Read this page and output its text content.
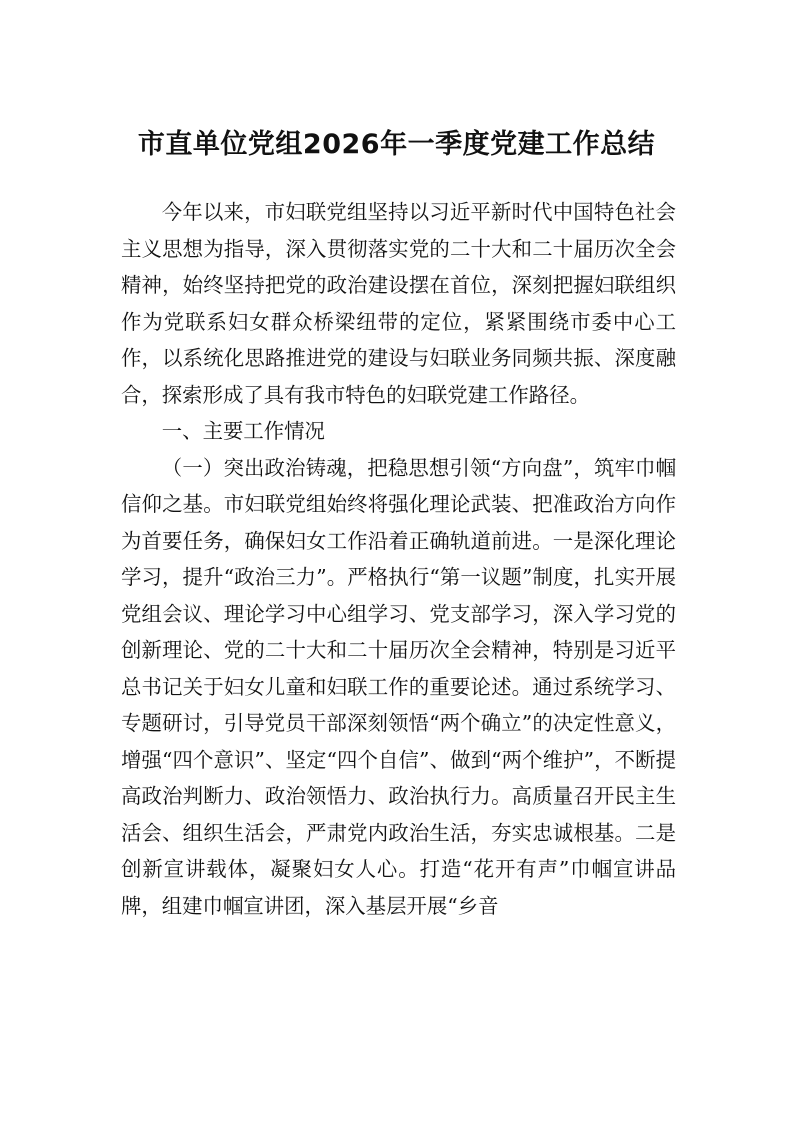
市直单位党组2026年一季度党建工作总结

今年以来，市妇联党组坚持以习近平新时代中国特色社会主义思想为指导，深入贯彻落实党的二十大和二十届历次全会精神，始终坚持把党的政治建设摆在首位，深刻把握妇联组织作为党联系妇女群众桥梁纽带的定位，紧紧围绕市委中心工作，以系统化思路推进党的建设与妇联业务同频共振、深度融合，探索形成了具有我市特色的妇联党建工作路径。

一、主要工作情况

（一）突出政治铸魂，把稳思想引领“方向盘”，筑牢巾帼信仰之基。市妇联党组始终将强化理论武装、把准政治方向作为首要任务，确保妇女工作沿着正确轨道前进。一是深化理论学习，提升“政治三力”。严格执行“第一议题”制度，扎实开展党组会议、理论学习中心组学习、党支部学习，深入学习党的创新理论、党的二十大和二十届历次全会精神，特别是习近平总书记关于妇女儿童和妇联工作的重要论述。通过系统学习、专题研讨，引导党员干部深刻领悟“两个确立”的决定性意义，增强“四个意识”、坚定“四个自信”、做到“两个维护”，不断提高政治判断力、政治领悟力、政治执行力。高质量召开民主生活会、组织生活会，严肃党内政治生活，夯实忠诚根基。二是创新宣讲载体，凝聚妇女人心。打造“花开有声”巾帼宣讲品牌，组建巾帼宣讲团，深入基层开展“乡音
